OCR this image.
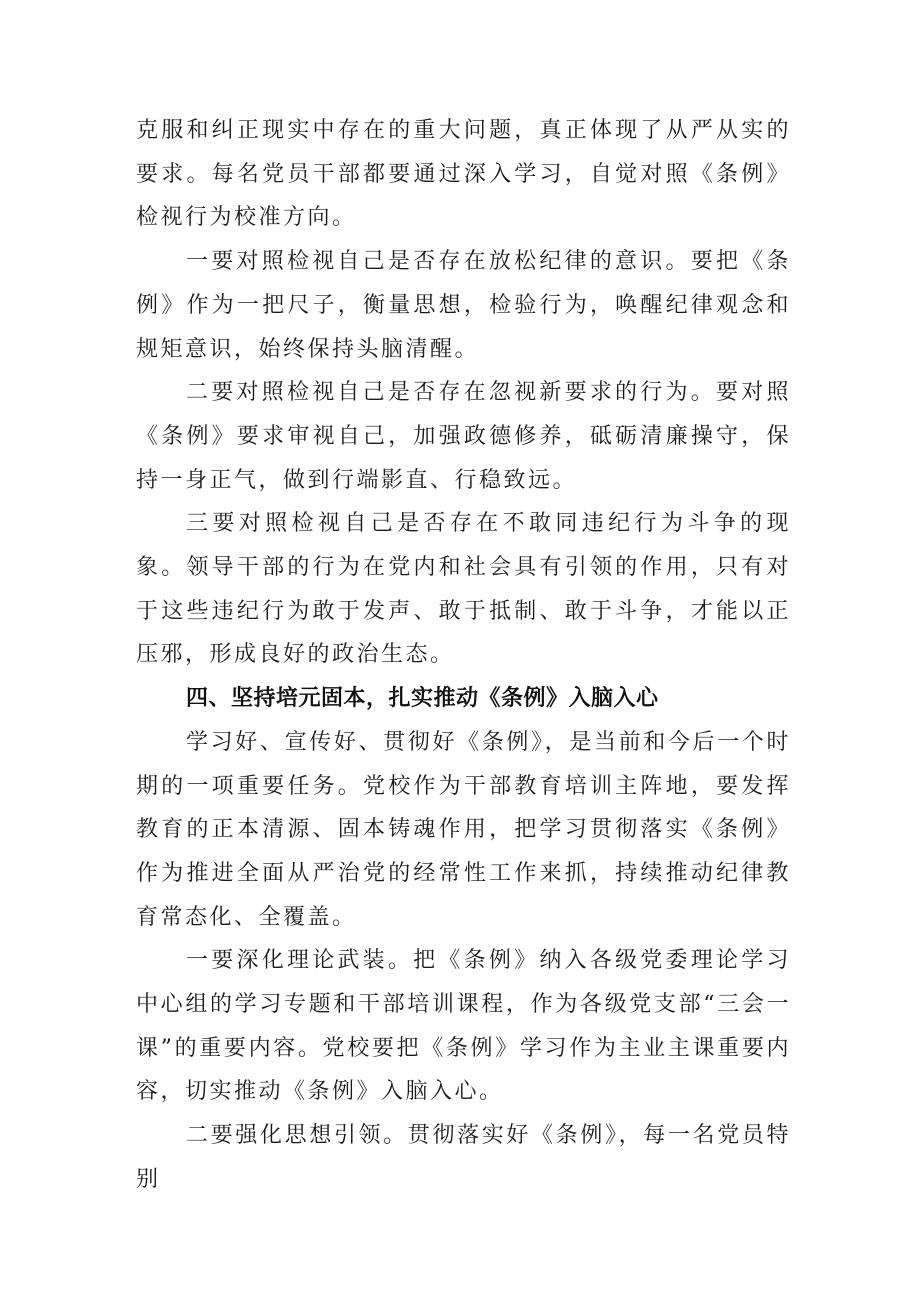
克服和纠正现实中存在的重大问题，真正体现了从严从实的要求。每名党员干部都要通过深入学习，自觉对照《条例》检视行为校准方向。

一要对照检视自己是否存在放松纪律的意识。要把《条例》作为一把尺子，衡量思想，检验行为，唤醒纪律观念和规矩意识，始终保持头脑清醒。

二要对照检视自己是否存在忽视新要求的行为。要对照《条例》要求审视自己，加强政德修养，砥砺清廉操守，保持一身正气，做到行端影直、行稳致远。

三要对照检视自己是否存在不敢同违纪行为斗争的现象。领导干部的行为在党内和社会具有引领的作用，只有对于这些违纪行为敢于发声、敢于抵制、敢于斗争，才能以正压邪，形成良好的政治生态。

四、坚持培元固本，扎实推动《条例》入脑入心

学习好、宣传好、贯彻好《条例》，是当前和今后一个时期的一项重要任务。党校作为干部教育培训主阵地，要发挥教育的正本清源、固本铸魂作用，把学习贯彻落实《条例》作为推进全面从严治党的经常性工作来抓，持续推动纪律教育常态化、全覆盖。

一要深化理论武装。把《条例》纳入各级党委理论学习中心组的学习专题和干部培训课程，作为各级党支部“三会一课”的重要内容。党校要把《条例》学习作为主业主课重要内容，切实推动《条例》入脑入心。

二要强化思想引领。贯彻落实好《条例》，每一名党员特别
